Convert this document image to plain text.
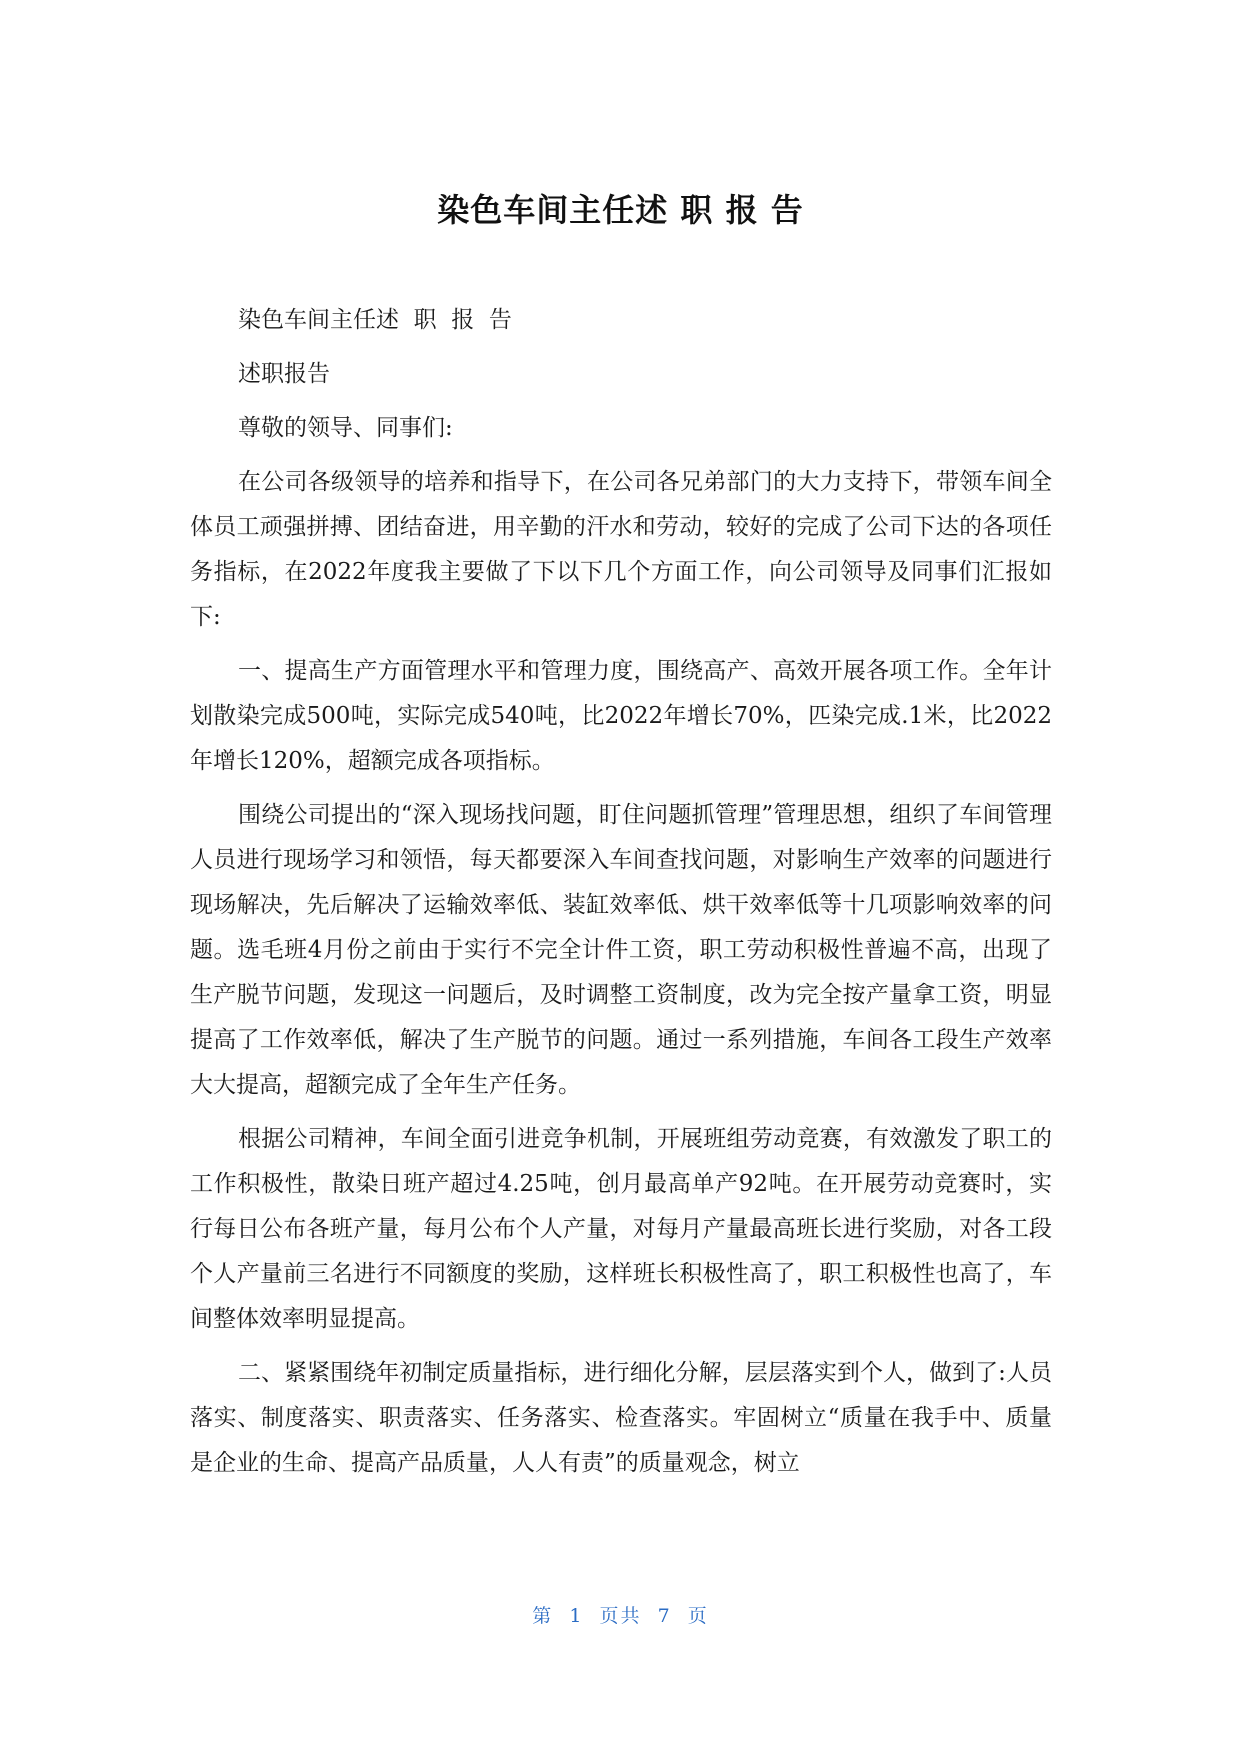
染色车间主任述 职 报 告

染色车间主任述  职  报  告

述职报告

尊敬的领导、同事们:

在公司各级领导的培养和指导下，在公司各兄弟部门的大力支持下，带领车间全体员工顽强拼搏、团结奋进，用辛勤的汗水和劳动，较好的完成了公司下达的各项任务指标，在2022年度我主要做了下以下几个方面工作，向公司领导及同事们汇报如下:

一、提高生产方面管理水平和管理力度，围绕高产、高效开展各项工作。全年计划散染完成500吨，实际完成540吨，比2022年增长70%，匹染完成.1米，比2022年增长120%，超额完成各项指标。

围绕公司提出的“深入现场找问题，盯住问题抓管理”管理思想，组织了车间管理人员进行现场学习和领悟，每天都要深入车间查找问题，对影响生产效率的问题进行现场解决，先后解决了运输效率低、装缸效率低、烘干效率低等十几项影响效率的问题。选毛班4月份之前由于实行不完全计件工资，职工劳动积极性普遍不高，出现了生产脱节问题，发现这一问题后，及时调整工资制度，改为完全按产量拿工资，明显提高了工作效率低，解决了生产脱节的问题。通过一系列措施，车间各工段生产效率大大提高，超额完成了全年生产任务。

根据公司精神，车间全面引进竞争机制，开展班组劳动竞赛，有效激发了职工的工作积极性，散染日班产超过4.25吨，创月最高单产92吨。在开展劳动竞赛时，实行每日公布各班产量，每月公布个人产量，对每月产量最高班长进行奖励，对各工段个人产量前三名进行不同额度的奖励，这样班长积极性高了，职工积极性也高了，车间整体效率明显提高。

二、紧紧围绕年初制定质量指标，进行细化分解，层层落实到个人，做到了:人员落实、制度落实、职责落实、任务落实、检查落实。牢固树立“质量在我手中、质量是企业的生命、提高产品质量，人人有责”的质量观念，树立

第  1  页共  7  页
